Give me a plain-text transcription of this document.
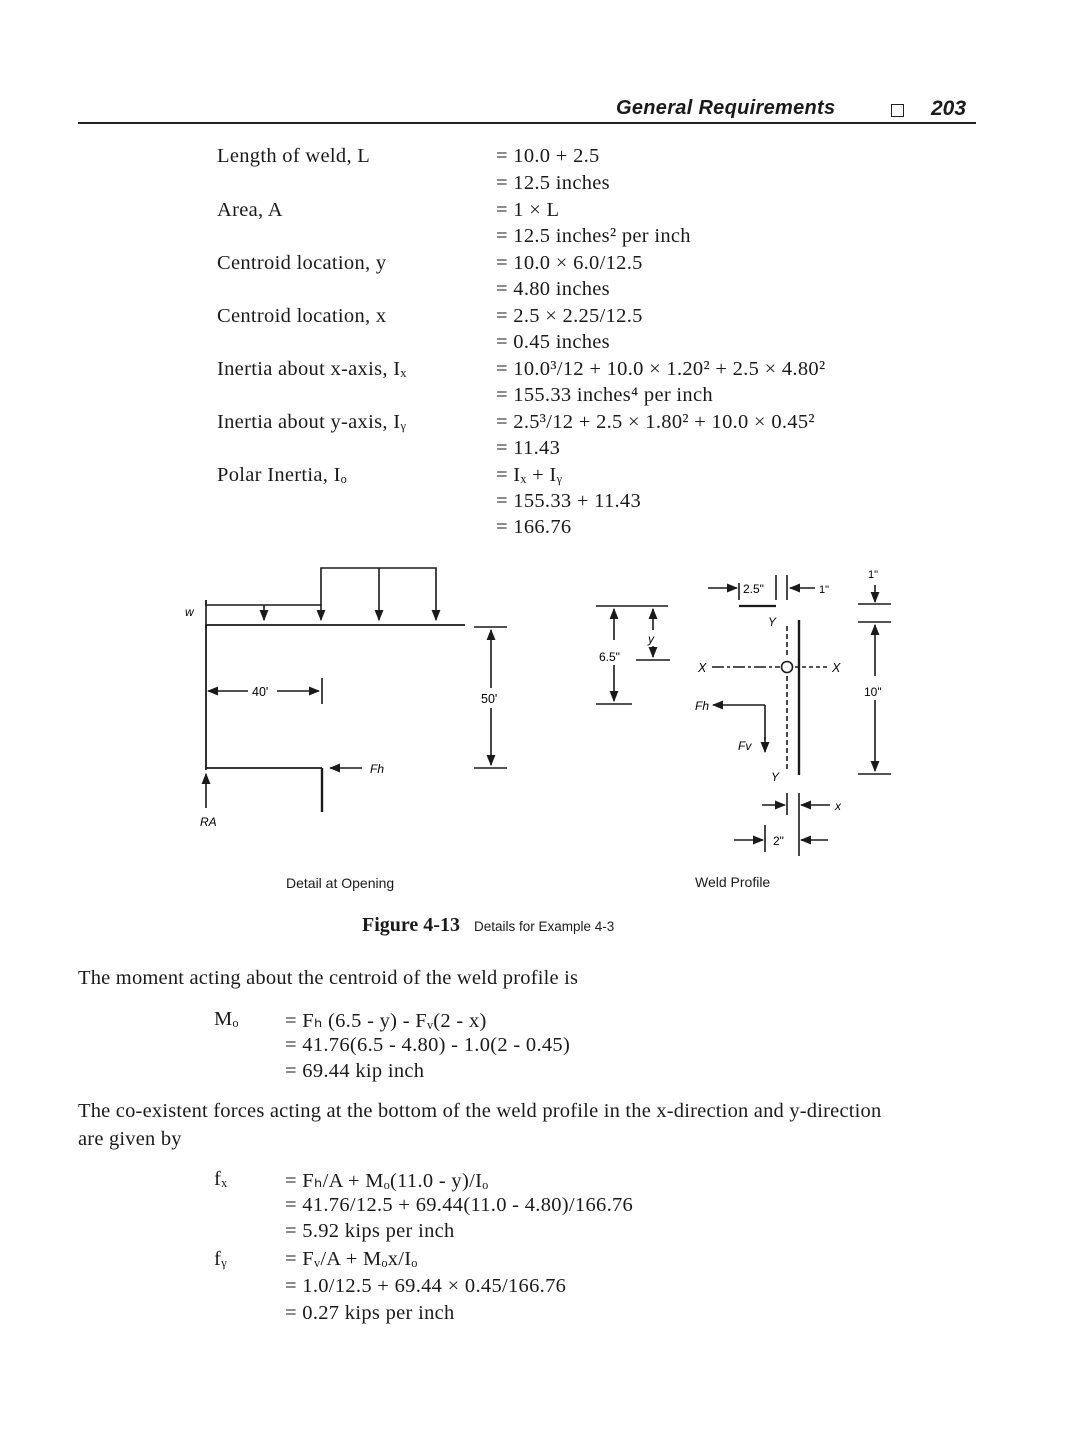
General Requirements	203
Length of weld, L	= 10.0 + 2.5
= 12.5 inches
Area, A	= 1 × L
= 12.5 inches² per inch
Centroid location, y	= 10.0 × 6.0/12.5
= 4.80 inches
Centroid location, x	= 2.5 × 2.25/12.5
= 0.45 inches
Inertia about x-axis, Iₓ	= 10.0³/12 + 10.0 × 1.20² + 2.5 × 4.80²
= 155.33 inches⁴ per inch
Inertia about y-axis, Iᵧ	= 2.5³/12 + 2.5 × 1.80² + 10.0 × 0.45²
= 11.43
Polar Inertia, Iₒ	= Iₓ + Iᵧ
= 155.33 + 11.43
= 166.76
w
40'	50'
Fh
RA
6.5"
y
2.5"	1"
1"
Y
X	X
Fh
Fv
Y
10"
x
2"
Detail at Opening	Weld Profile
Figure 4-13 Details for Example 4-3
The moment acting about the centroid of the weld profile is
Mₒ = Fₕ (6.5 - y) - Fᵥ(2 - x)
= 41.76(6.5 - 4.80) - 1.0(2 - 0.45)
= 69.44 kip inch
The co-existent forces acting at the bottom of the weld profile in the x-direction and y-direction
are given by
fₓ	= Fₕ/A + Mₒ(11.0 - y)/Iₒ
= 41.76/12.5 + 69.44(11.0 - 4.80)/166.76
= 5.92 kips per inch
fᵧ	= Fᵥ/A + Mₒx/Iₒ
= 1.0/12.5 + 69.44 × 0.45/166.76
= 0.27 kips per inch
